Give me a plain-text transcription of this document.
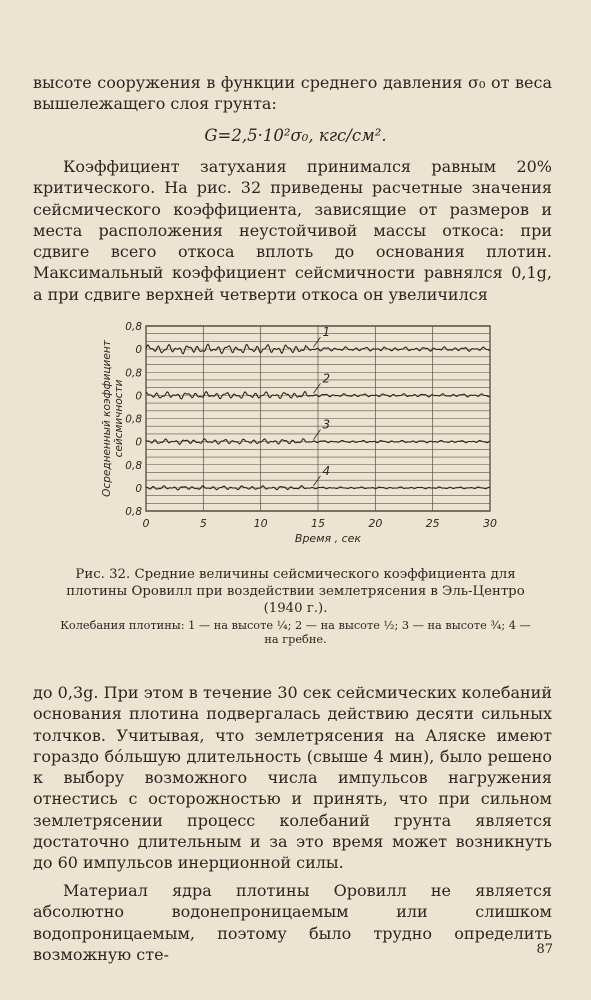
высоте сооружения в функции среднего давления σ₀ от веса вышележащего слоя грунта:

G=2,5·10²σ₀, кгс/см².

Коэффициент затухания принимался равным 20% критического. На рис. 32 приведены расчетные значения сейсмического коэффициента, зависящие от размеров и места расположения неустойчивой массы откоса: при сдвиге всего откоса вплоть до основания плотин. Максимальный коэффициент сейсмичности равнялся 0,1g, а при сдвиге верхней четверти откоса он увеличился

0	5	10	15	20	25	30
0,8
0
0,8
0
0,8
0
0,8
0
0,8
1
2
3
4
Время , сек
Осредненный коэффициент сейсмичности
Рис. 32. Средние величины сейсмического коэффициента для плотины Оровилл при воздействии землетрясения в Эль-Центро (1940 г.).
Колебания плотины: 1 — на высоте ¼; 2 — на высоте ½; 3 — на высоте ¾; 4 — на гребне.

до 0,3g. При этом в течение 30 сек сейсмических колебаний основания плотина подвергалась действию десяти сильных толчков. Учитывая, что землетрясения на Аляске имеют гораздо бо́льшую длительность (свыше 4 мин), было решено к выбору возможного числа импульсов нагружения отнестись с осторожностью и принять, что при сильном землетрясении процесс колебаний грунта является достаточно длительным и за это время может возникнуть до 60 импульсов инерционной силы.

Материал ядра плотины Оровилл не является абсолютно водонепроницаемым или слишком водопроницаемым, поэтому было трудно определить возможную сте-	87
